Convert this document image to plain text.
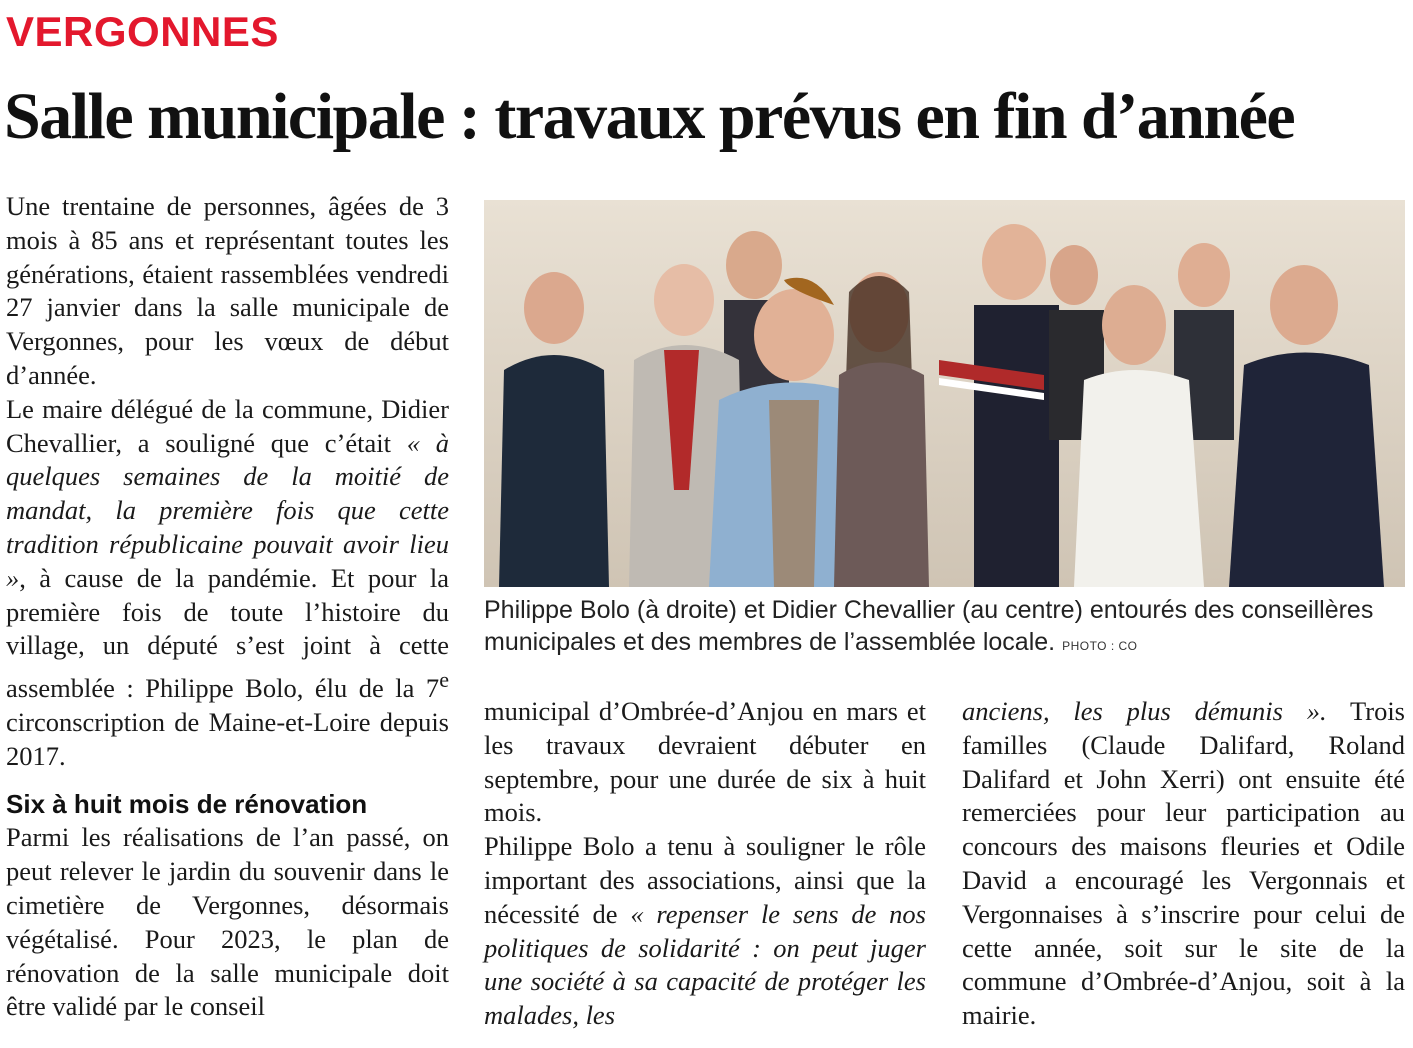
VERGONNES
Salle municipale : travaux prévus en fin d’année

Une trentaine de personnes, âgées de 3 mois à 85 ans et représentant toutes les générations, étaient rassemblées vendredi 27 janvier dans la salle municipale de Vergonnes, pour les vœux de début d’année.

Le maire délégué de la commune, Didier Chevallier, a souligné que c’était « à quelques semaines de la moitié de mandat, la première fois que cette tradition républicaine pouvait avoir lieu », à cause de la pandémie. Et pour la première fois de toute l’histoire du village, un député s’est joint à cette assemblée : Philippe Bolo, élu de la 7e circonscription de Maine-et-Loire depuis 2017.

Six à huit mois de rénovation

Parmi les réalisations de l’an passé, on peut relever le jardin du souvenir dans le cimetière de Vergonnes, désormais végétalisé. Pour 2023, le plan de rénovation de la salle municipale doit être validé par le conseil

Philippe Bolo (à droite) et Didier Chevallier (au centre) entourés des conseillères municipales et des membres de l’assemblée locale. PHOTO : CO

municipal d’Ombrée-d’Anjou en mars et les travaux devraient débuter en septembre, pour une durée de six à huit mois.

Philippe Bolo a tenu à souligner le rôle important des associations, ainsi que la nécessité de « repenser le sens de nos politiques de solidarité : on peut juger une société à sa capacité de protéger les malades, les

anciens, les plus démunis ». Trois familles (Claude Dalifard, Roland Dalifard et John Xerri) ont ensuite été remerciées pour leur participation au concours des maisons fleuries et Odile David a encouragé les Vergonnais et Vergonnaises à s’inscrire pour celui de cette année, soit sur le site de la commune d’Ombrée-d’Anjou, soit à la mairie.
